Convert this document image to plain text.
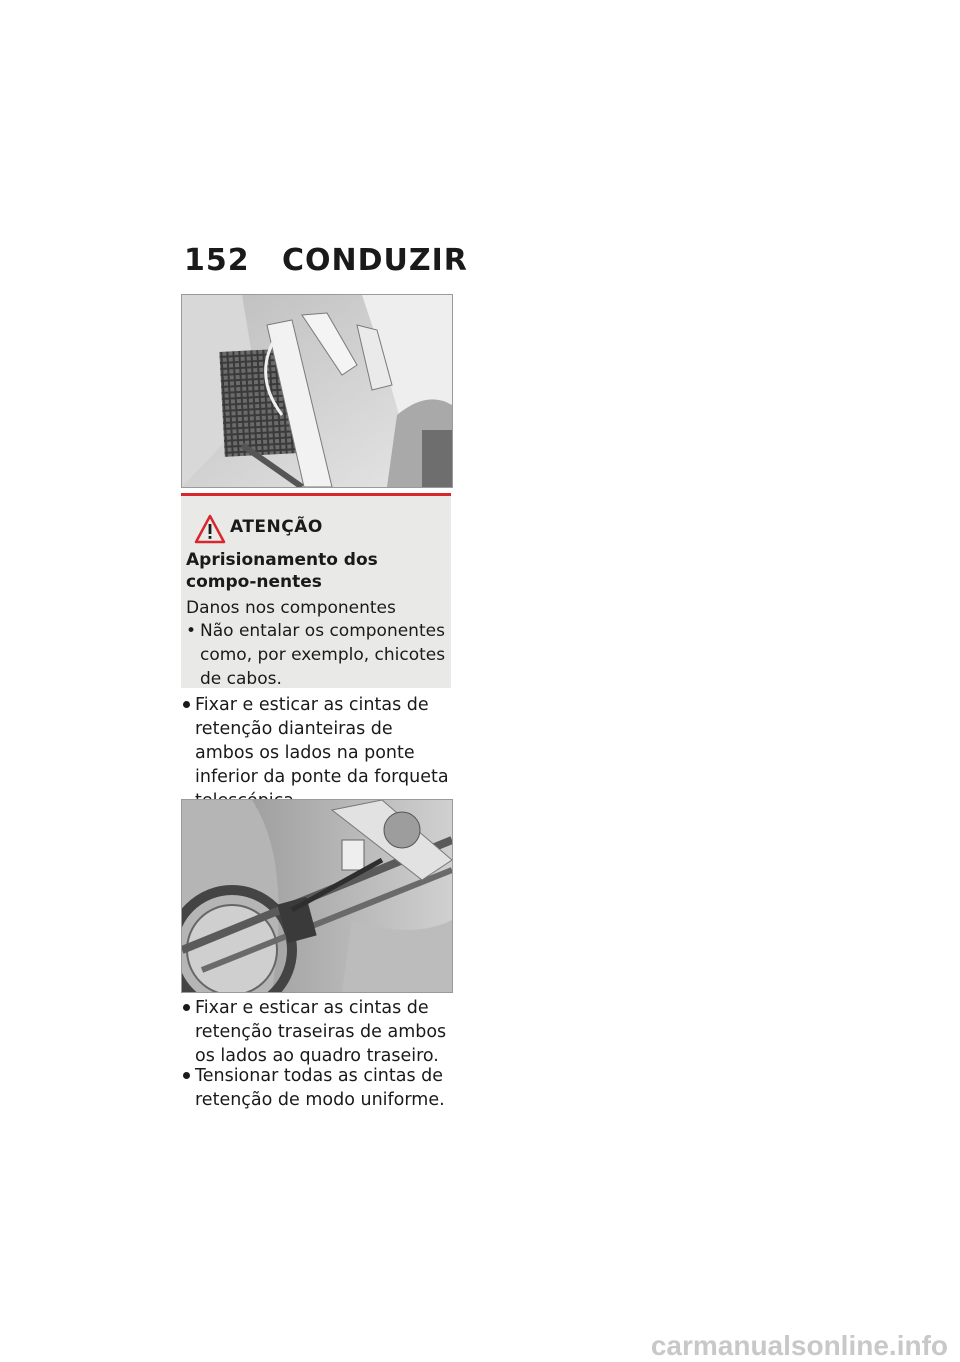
152 CONDUZIR
ATENÇÃO
Aprisionamento dos compo-nentes
Danos nos componentes
• Não entalar os componentes como, por exemplo, chicotes de cabos.
Fixar e esticar as cintas de retenção dianteiras de ambos os lados na ponte inferior da ponte da forqueta
Fixar e esticar as cintas de retenção traseiras de ambos os lados ao quadro traseiro.
Tensionar todas as cintas de retenção de modo uniforme.
carmanualsonline.info
